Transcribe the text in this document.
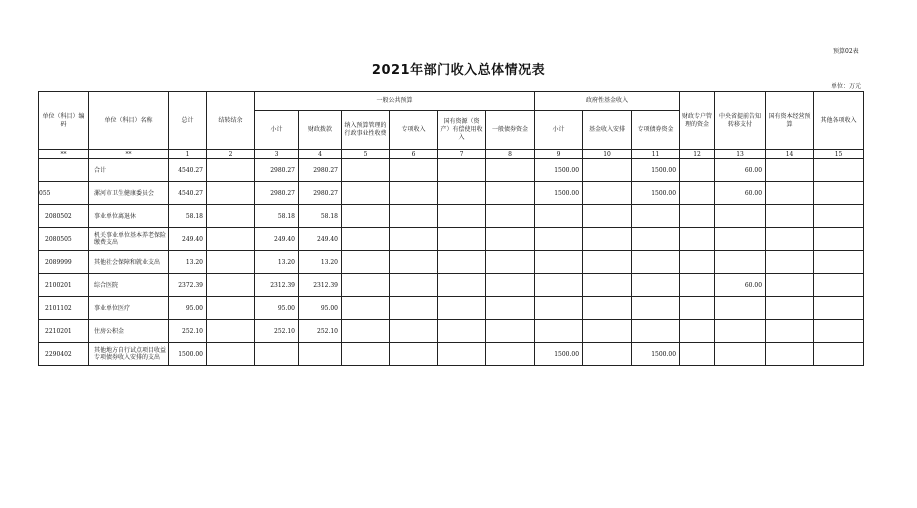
预算02表
2021年部门收入总体情况表
单位：万元
单位（科目）编码	单位（科目）名称	总计	结转结余	一般公共预算						政府性基金收入			财政专户管理的资金	中央省提前告知转移支付	国有资本经营预算	其他各项收入
				小计	财政拨款	纳入预算管理的行政事业性收费	专项收入	国有资源（资产）有偿使用收入	一般债券资金	小计	基金收入安排	专项债券资金				
**	**	1	2	3	4	5	6	7	8	9	10	11	12	13	14	15
	合计	4540.27		2980.27	2980.27					1500.00		1500.00		60.00		
055	漯河市卫生健康委员会	4540.27		2980.27	2980.27					1500.00		1500.00		60.00		
2080502	事业单位离退休	58.18		58.18	58.18											
2080505	机关事业单位基本养老保险缴费支出	249.40		249.40	249.40											
2089999	其他社会保障和就业支出	13.20		13.20	13.20											
2100201	综合医院	2372.39		2312.39	2312.39									60.00		
2101102	事业单位医疗	95.00		95.00	95.00											
2210201	住房公积金	252.10		252.10	252.10											
2290402	其他地方自行试点项目收益专项债券收入安排的支出	1500.00								1500.00		1500.00				
